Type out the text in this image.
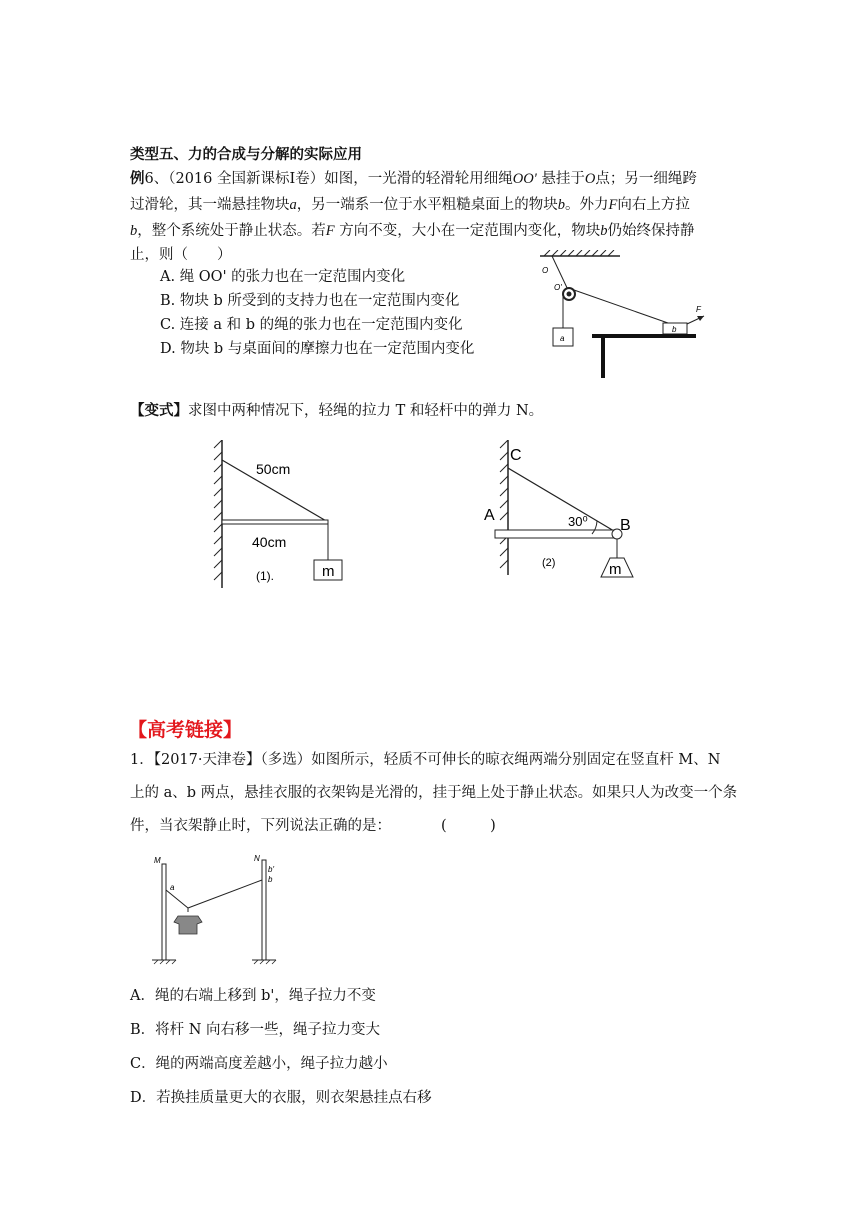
类型五、力的合成与分解的实际应用
例6、（2016 全国新课标Ⅰ卷）如图，一光滑的轻滑轮用细绳OO' 悬挂于O点；另一细绳跨
过滑轮，其一端悬挂物块a，另一端系一位于水平粗糙桌面上的物块b。外力F向右上方拉
b，整个系统处于静止状态。若F 方向不变，大小在一定范围内变化，物块b仍始终保持静
止，则（　　）
A. 绳 OO' 的张力也在一定范围内变化
B. 物块 b 所受到的支持力也在一定范围内变化
C. 连接 a 和 b 的绳的张力也在一定范围内变化
D. 物块 b 与桌面间的摩擦力也在一定范围内变化
O
O'
a
b
F
【变式】求图中两种情况下，轻绳的拉力 T 和轻杆中的弹力 N。
50cm
40cm
m
(1).
C
A
B
30⁰
m
(2)
【高考链接】
1．【2017·天津卷】（多选）如图所示，轻质不可伸长的晾衣绳两端分别固定在竖直杆 M、N
上的 a、b 两点，悬挂衣服的衣架钩是光滑的，挂于绳上处于静止状态。如果只人为改变一个条
件，当衣架静止时，下列说法正确的是：	(　　　)
M	N
a
b'
b
A．绳的右端上移到 b'，绳子拉力不变
B．将杆 N 向右移一些，绳子拉力变大
C．绳的两端高度差越小，绳子拉力越小
D．若换挂质量更大的衣服，则衣架悬挂点右移
